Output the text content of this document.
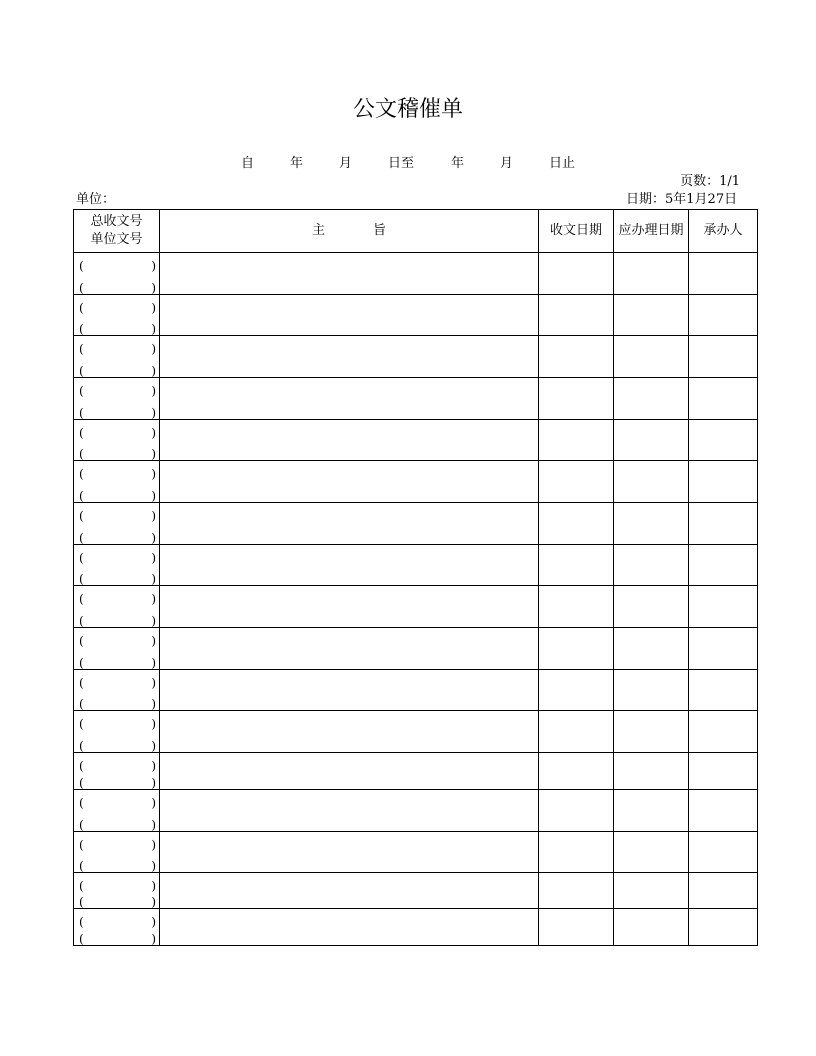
公文稽催单
自	年	月	日至	年	月	日止
页数：1/1
单位：	日期：5年1月27日
总收文号
单位文号	主 旨	收文日期	应办理日期	承办人

( )
( )				

( )
( )				

( )
( )				

( )
( )				

( )
( )				

( )
( )				

( )
( )				

( )
( )				

( )
( )				

( )
( )				

( )
( )				

( )
( )				

( )
( )				

( )
( )				

( )
( )				

( )
( )				

( )
( )				
